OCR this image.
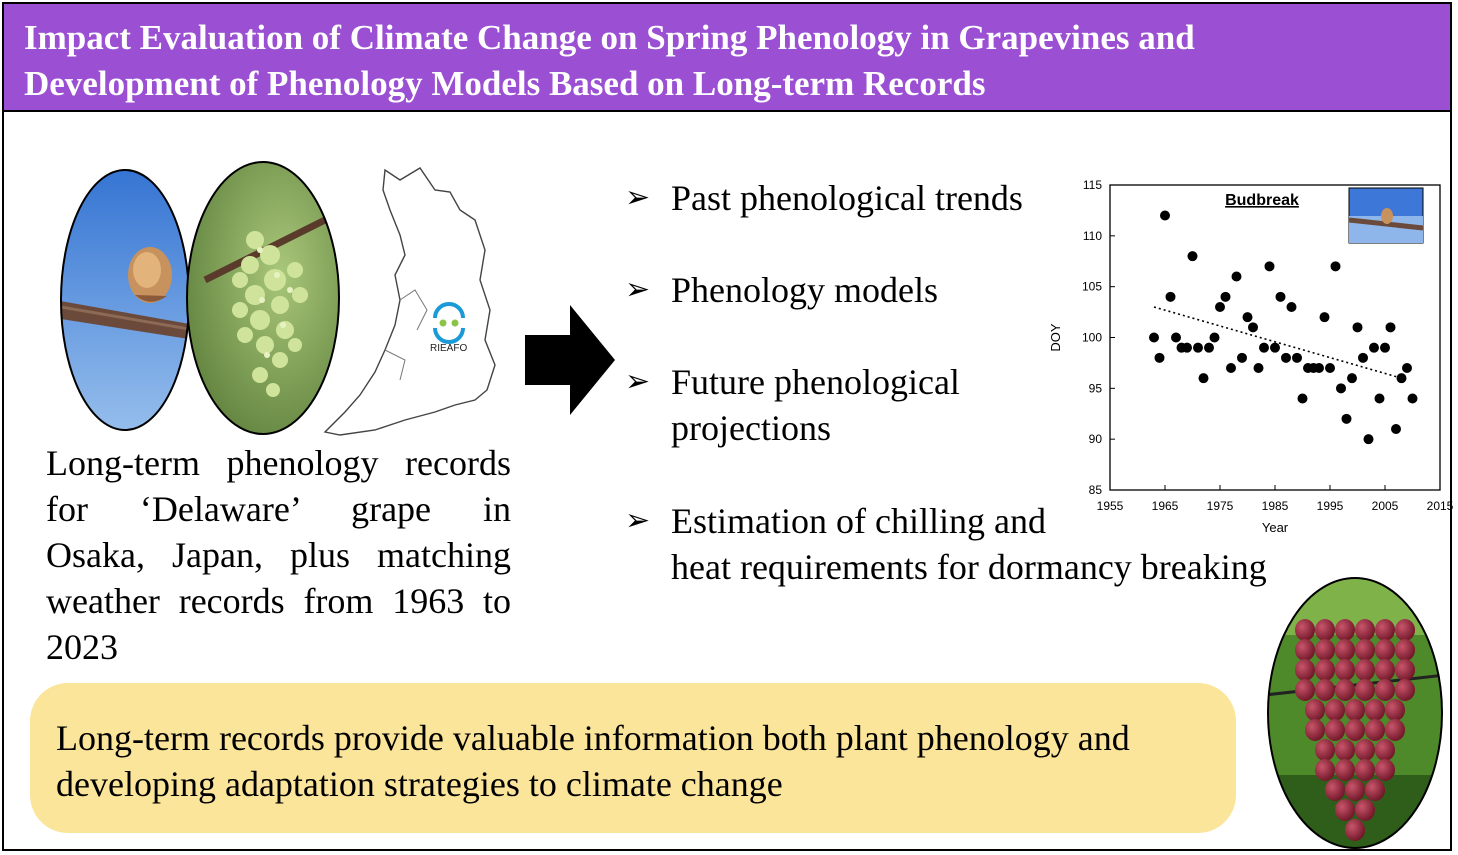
Impact Evaluation of Climate Change on Spring Phenology in Grapevines and
Development of Phenology Models Based on Long-term Records
RIEAFO
Long-term phenology records
for ‘Delaware’ grape in
Osaka, Japan, plus matching
weather records from 1963 to
2023
➢ Past phenological trends
➢ Phenology models
➢ Future phenological
projections
➢ Estimation of chilling and
heat requirements for dormancy breaking
85
90
95
100
105
110
115
1955 1965 1975 1985 1995 2005 2015
Budbreak
Year
DOY
Long-term records provide valuable information both plant phenology and
developing adaptation strategies to climate change
